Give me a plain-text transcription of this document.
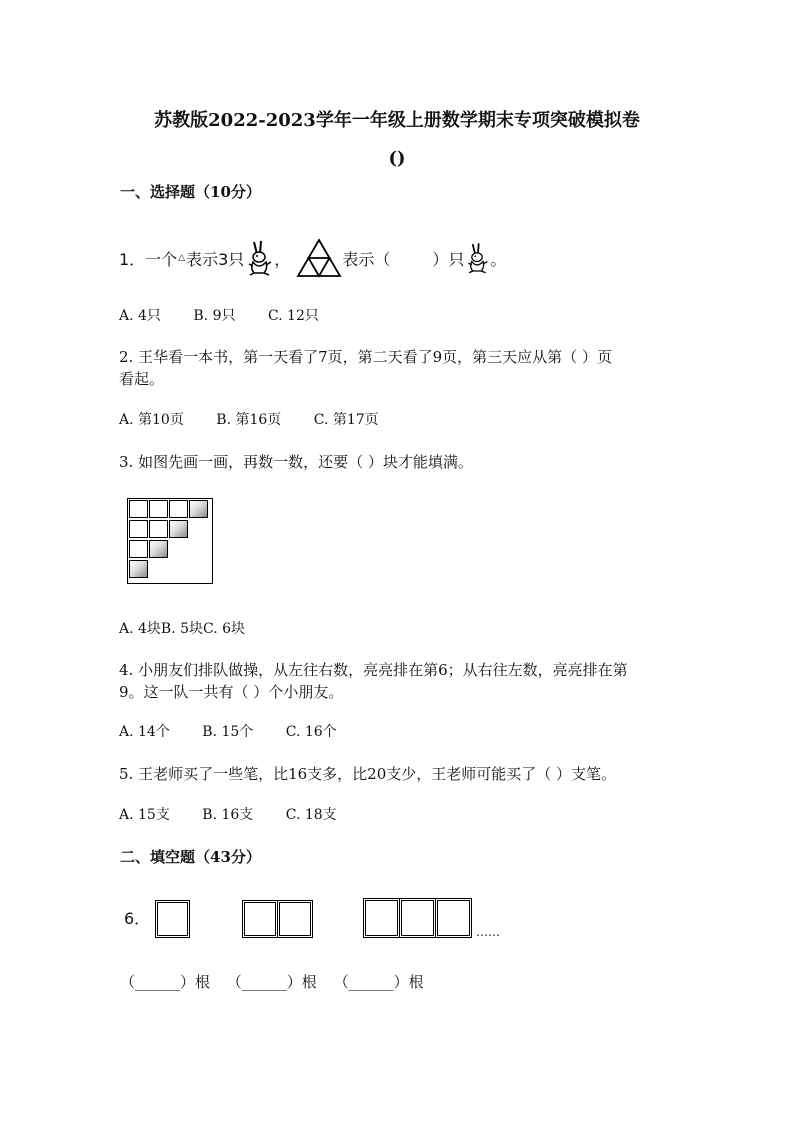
苏教版2022-2023学年一年级上册数学期末专项突破模拟卷
()
一、选择题（10分）
1．一个 △ 表示3只 ，	表示（
	）只 。
A. 4只 B. 9只 C. 12只
2. 王华看一本书，第一天看了7页，第二天看了9页，第三天应从第（ ）页
看起。
A. 第10页 B. 第16页 C. 第17页
3. 如图先画一画，再数一数，还要（ ）块才能填满。
A. 4块B. 5块C. 6块
4. 小朋友们排队做操，从左往右数，亮亮排在第6；从右往左数，亮亮排在第
9。这一队一共有（ ）个小朋友。
A. 14个 B. 15个 C. 16个
5. 王老师买了一些笔，比16支多，比20支少，王老师可能买了（ ）支笔。
A. 15支 B. 16支 C. 18支
二、填空题（43分）
6．
……
（______）根 （______）根 （______）根
